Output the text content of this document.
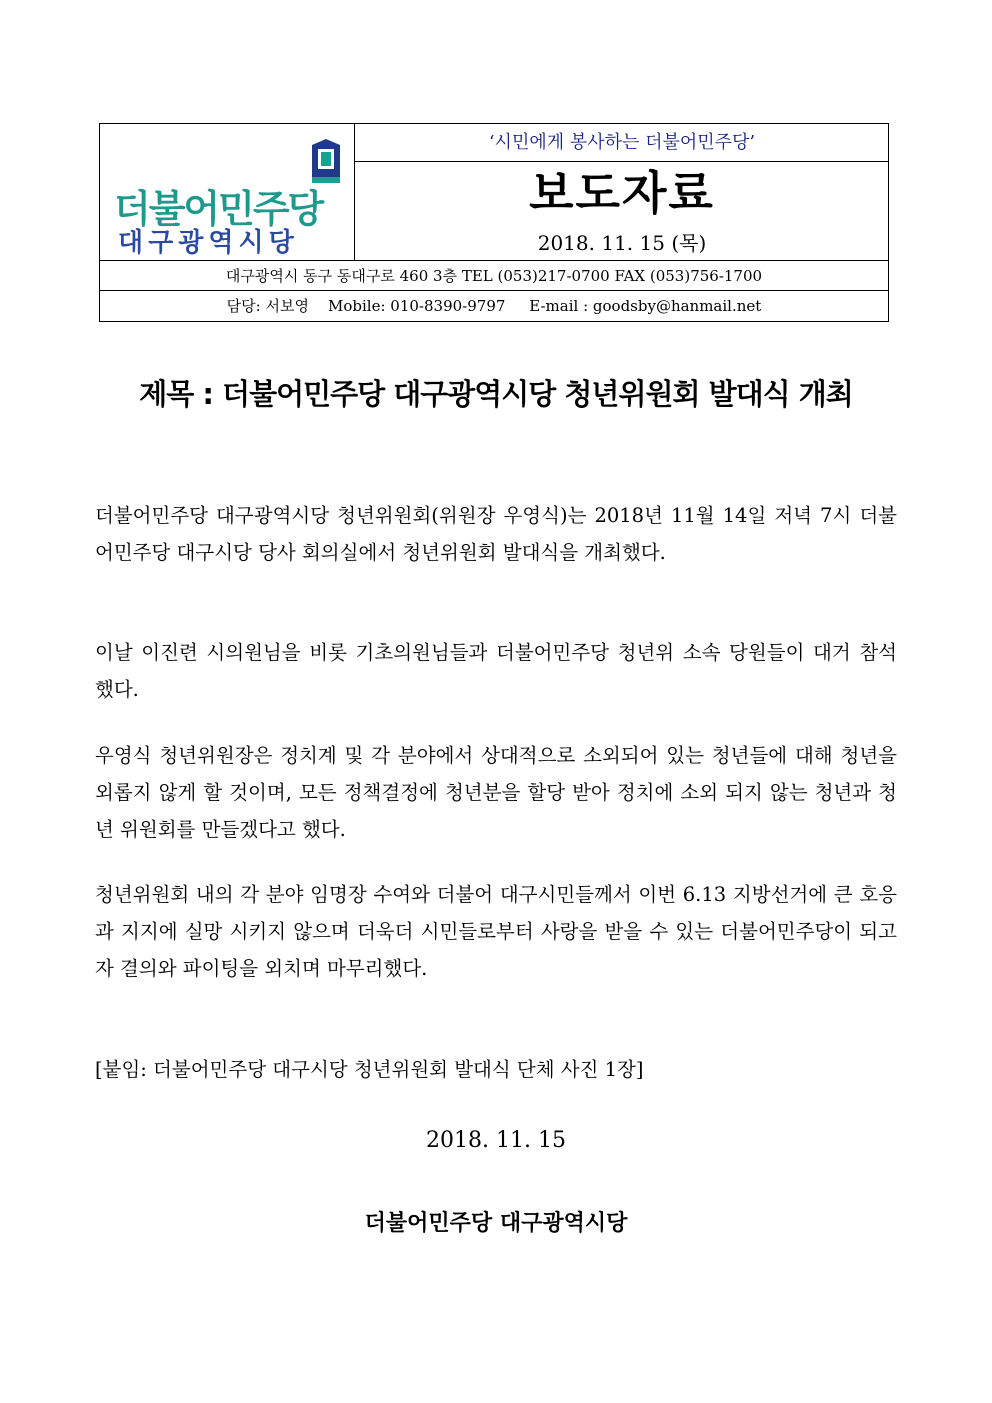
더불어민주당
대구광역시당
‘시민에게 봉사하는 더불어민주당’
보도자료
2018. 11. 15 (목)
대구광역시 동구 동대구로 460 3층 TEL (053)217-0700 FAX (053)756-1700
담당: 서보영    Mobile: 010-8390-9797     E-mail : goodsby@hanmail.net
제목 : 더불어민주당 대구광역시당 청년위원회 발대식 개최

더불어민주당 대구광역시당 청년위원회(위원장 우영식)는 2018년 11월 14일 저녁 7시 더불어민주당 대구시당 당사 회의실에서 청년위원회 발대식을 개최했다.

이날 이진련 시의원님을 비롯 기초의원님들과 더불어민주당 청년위 소속 당원들이 대거 참석 했다.

우영식 청년위원장은 정치계 및 각 분야에서 상대적으로 소외되어 있는 청년들에 대해 청년을 외롭지 않게 할 것이며, 모든 정책결정에 청년분을 할당 받아 정치에 소외 되지 않는 청년과 청년 위원회를 만들겠다고 했다.

청년위원회 내의 각 분야 임명장 수여와 더불어 대구시민들께서 이번 6.13 지방선거에 큰 호응과 지지에 실망 시키지 않으며 더욱더 시민들로부터 사랑을 받을 수 있는 더불어민주당이 되고자 결의와 파이팅을 외치며 마무리했다.

[붙임: 더불어민주당 대구시당 청년위원회 발대식 단체 사진 1장]
2018. 11. 15
더불어민주당 대구광역시당
